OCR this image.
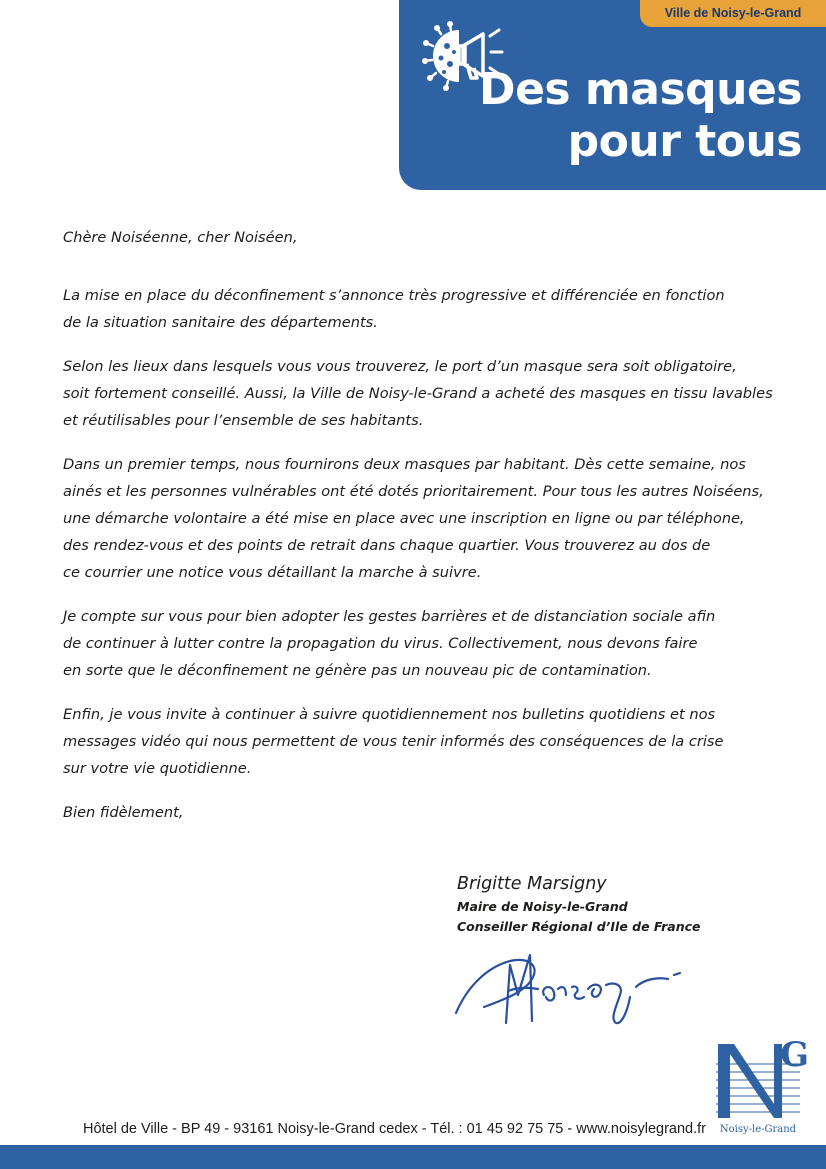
Ville de Noisy-le-Grand
Des masques
pour tous

Chère Noiséenne, cher Noiséen,

La mise en place du déconfinement s’annonce très progressive et différenciée en fonction
de la situation sanitaire des départements.

Selon les lieux dans lesquels vous vous trouverez, le port d’un masque sera soit obligatoire,
soit fortement conseillé. Aussi, la Ville de Noisy-le-Grand a acheté des masques en tissu lavables
et réutilisables pour l’ensemble de ses habitants.

Dans un premier temps, nous fournirons deux masques par habitant. Dès cette semaine, nos
ainés et les personnes vulnérables ont été dotés prioritairement. Pour tous les autres Noiséens,
une démarche volontaire a été mise en place avec une inscription en ligne ou par téléphone,
des rendez-vous et des points de retrait dans chaque quartier. Vous trouverez au dos de
ce courrier une notice vous détaillant la marche à suivre.

Je compte sur vous pour bien adopter les gestes barrières et de distanciation sociale afin
de continuer à lutter contre la propagation du virus. Collectivement, nous devons faire
en sorte que le déconfinement ne génère pas un nouveau pic de contamination.

Enfin, je vous invite à continuer à suivre quotidiennement nos bulletins quotidiens et nos
messages vidéo qui nous permettent de vous tenir informés des conséquences de la crise
sur votre vie quotidienne.

Bien fidèlement,

Brigitte Marsigny
Maire de Noisy-le-Grand
Conseiller Régional d’Ile de France
G
Noisy-le-Grand
Hôtel de Ville - BP 49 - 93161 Noisy-le-Grand cedex - Tél. : 01 45 92 75 75 - www.noisylegrand.fr
